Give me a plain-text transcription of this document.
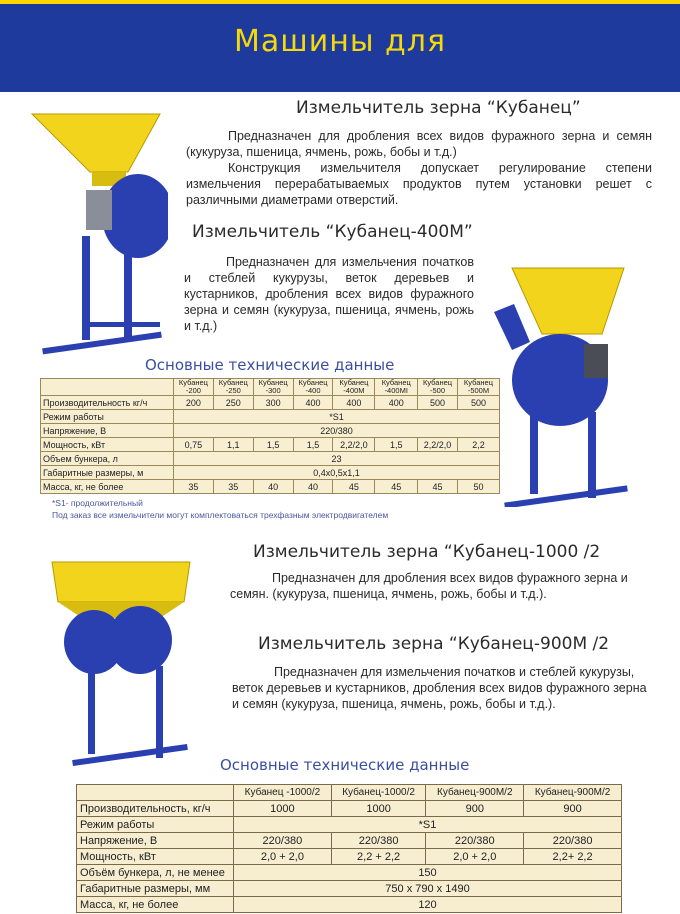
Машины для
Измельчитель зерна “Кубанец”
Предназначен для дробления всех видов фуражного зерна и семян (кукуруза, пшеница, ячмень, рожь, бобы и т.д.)
Конструкция измельчителя допускает регулирование степени измельчения перерабатываемых продуктов путем установки решет с различными диаметрами отверстий.
Измельчитель “Кубанец-400М”
Предназначен для измельчения початков и стеблей кукурузы, веток деревьев и кустарников, дробления всех видов фуражного зерна и семян (кукуруза, пшеница, ячмень, рожь и т.д.)
Основные технические данные
	Кубанец -200	Кубанец -250	Кубанец -300	Кубанец -400	Кубанец -400М	Кубанец -400МI	Кубанец -500	Кубанец -500М
Производительность кг/ч	200	250	300	400	400	400	500	500
Режим работы	*S1							
Напряжение, В	220/380							
Мощность, кВт	0,75	1,1	1,5	1,5	2,2/2,0	1,5	2,2/2,0	2,2
Объем бункера, л	23							
Габаритные размеры, м	0,4x0,5x1,1							
Масса, кг, не более	35	35	40	40	45	45	45	50
*S1- продолжительный
Под заказ все измельчители могут комплектоваться трехфазным электродвигателем
Измельчитель зерна “Кубанец-1000 /2
Предназначен для дробления всех видов фуражного зерна и семян. (кукуруза, пшеница, ячмень, рожь, бобы и т.д.).
Измельчитель зерна “Кубанец-900М /2
Предназначен для измельчения початков и стеблей кукурузы, веток деревьев и кустарников, дробления всех видов фуражного зерна и семян (кукуруза, пшеница, ячмень, рожь, бобы и т.д.).
Основные технические данные
	Кубанец -1000/2	Кубанец-1000/2	Кубанец-900М/2	Кубанец-900М/2
Производительность, кг/ч	1000	1000	900	900
Режим работы	*S1			
Напряжение, В	220/380	220/380	220/380	220/380
Мощность, кВт	2,0 + 2,0	2,2 + 2,2	2,0 + 2,0	2,2+ 2,2
Объём бункера, л, не менее	150			
Габаритные размеры, мм	750 х 790 х 1490			
Масса, кг, не более	120			
